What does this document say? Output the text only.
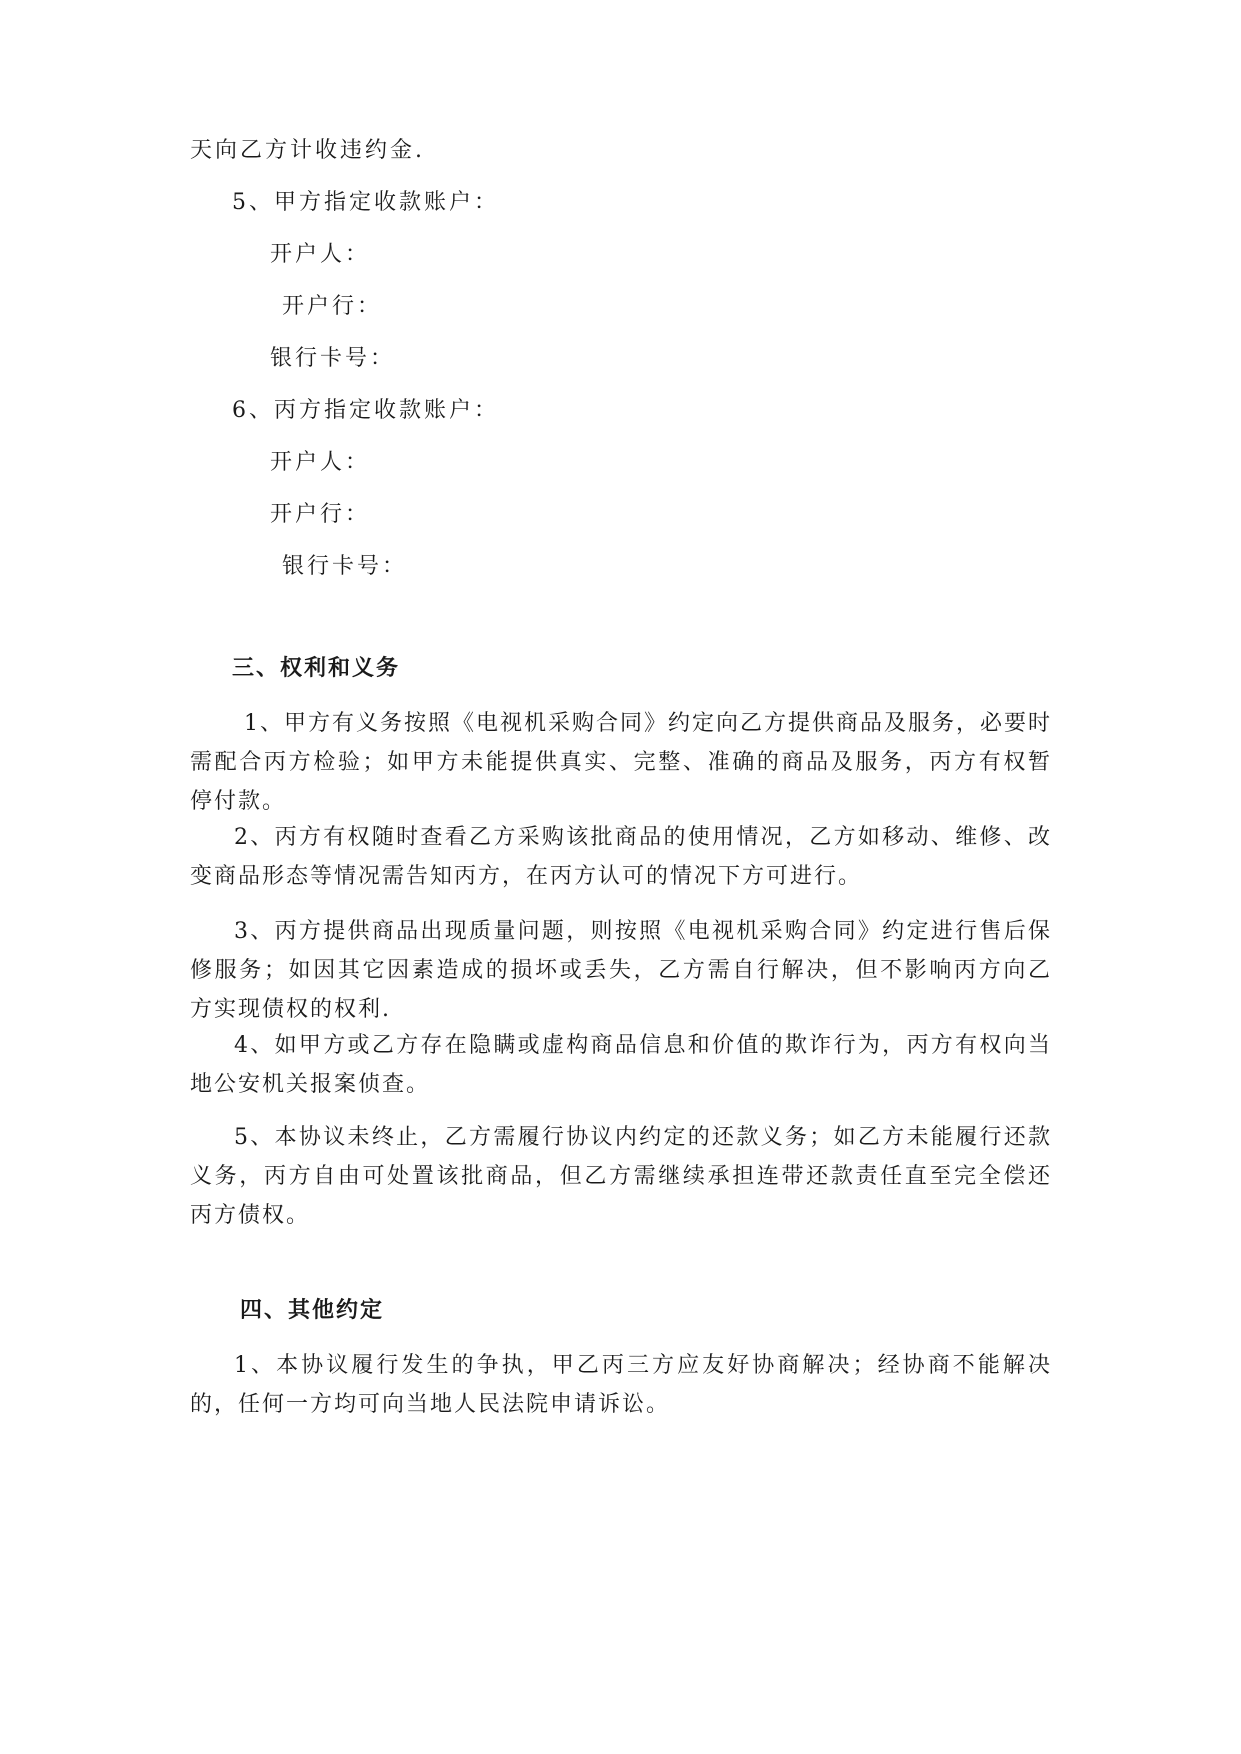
天向乙方计收违约金.
5、甲方指定收款账户：
开户人：
开户行：
银行卡号：
6、丙方指定收款账户：
开户人：
开户行：
银行卡号：
三、权利和义务
1、甲方有义务按照《电视机采购合同》约定向乙方提供商品及服务，必要时需配合丙方检验；如甲方未能提供真实、完整、准确的商品及服务，丙方有权暂停付款。
2、丙方有权随时查看乙方采购该批商品的使用情况，乙方如移动、维修、改变商品形态等情况需告知丙方，在丙方认可的情况下方可进行。
3、丙方提供商品出现质量问题，则按照《电视机采购合同》约定进行售后保修服务；如因其它因素造成的损坏或丢失，乙方需自行解决，但不影响丙方向乙方实现债权的权利.
4、如甲方或乙方存在隐瞒或虚构商品信息和价值的欺诈行为，丙方有权向当地公安机关报案侦查。
5、本协议未终止，乙方需履行协议内约定的还款义务；如乙方未能履行还款义务，丙方自由可处置该批商品，但乙方需继续承担连带还款责任直至完全偿还丙方债权。
四、其他约定
1、本协议履行发生的争执，甲乙丙三方应友好协商解决；经协商不能解决的，任何一方均可向当地人民法院申请诉讼。
